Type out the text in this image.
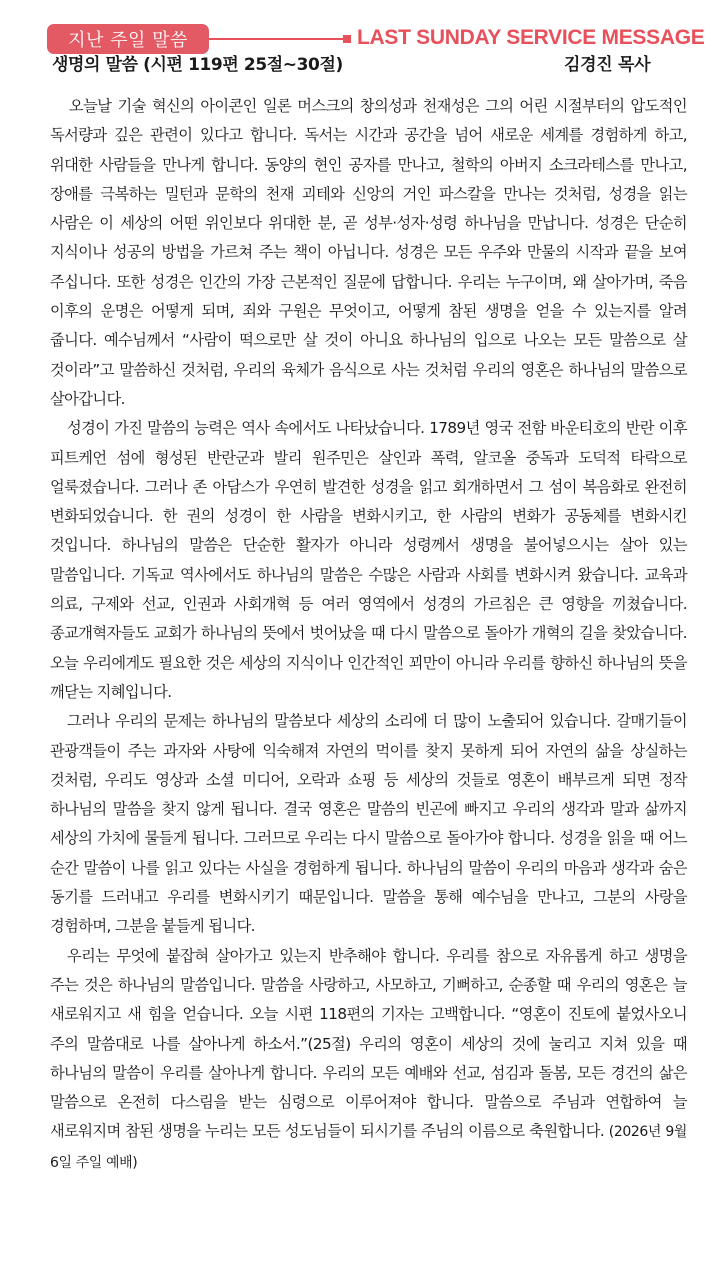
지난 주일 말씀	LAST SUNDAY SERVICE MESSAGE
생명의 말씀 (시편 119편 25절~30절)	김경진 목사

오늘날 기술 혁신의 아이콘인 일론 머스크의 창의성과 천재성은 그의 어린 시절부터의 압도적인 독서량과 깊은 관련이 있다고 합니다. 독서는 시간과 공간을 넘어 새로운 세계를 경험하게 하고, 위대한 사람들을 만나게 합니다. 동양의 현인 공자를 만나고, 철학의 아버지 소크라테스를 만나고, 장애를 극복하는 밀턴과 문학의 천재 괴테와 신앙의 거인 파스칼을 만나는 것처럼, 성경을 읽는 사람은 이 세상의 어떤 위인보다 위대한 분, 곧 성부·성자·성령 하나님을 만납니다. 성경은 단순히 지식이나 성공의 방법을 가르쳐 주는 책이 아닙니다. 성경은 모든 우주와 만물의 시작과 끝을 보여 주십니다. 또한 성경은 인간의 가장 근본적인 질문에 답합니다. 우리는 누구이며, 왜 살아가며, 죽음 이후의 운명은 어떻게 되며, 죄와 구원은 무엇이고, 어떻게 참된 생명을 얻을 수 있는지를 알려 줍니다. 예수님께서 “사람이 떡으로만 살 것이 아니요 하나님의 입으로 나오는 모든 말씀으로 살 것이라”고 말씀하신 것처럼, 우리의 육체가 음식으로 사는 것처럼 우리의 영혼은 하나님의 말씀으로 살아갑니다.

성경이 가진 말씀의 능력은 역사 속에서도 나타났습니다. 1789년 영국 전함 바운티호의 반란 이후 피트케언 섬에 형성된 반란군과 발리 원주민은 살인과 폭력, 알코올 중독과 도덕적 타락으로 얼룩졌습니다. 그러나 존 아담스가 우연히 발견한 성경을 읽고 회개하면서 그 섬이 복음화로 완전히 변화되었습니다. 한 권의 성경이 한 사람을 변화시키고, 한 사람의 변화가 공동체를 변화시킨 것입니다. 하나님의 말씀은 단순한 활자가 아니라 성령께서 생명을 불어넣으시는 살아 있는 말씀입니다. 기독교 역사에서도 하나님의 말씀은 수많은 사람과 사회를 변화시켜 왔습니다. 교육과 의료, 구제와 선교, 인권과 사회개혁 등 여러 영역에서 성경의 가르침은 큰 영향을 끼쳤습니다. 종교개혁자들도 교회가 하나님의 뜻에서 벗어났을 때 다시 말씀으로 돌아가 개혁의 길을 찾았습니다. 오늘 우리에게도 필요한 것은 세상의 지식이나 인간적인 꾀만이 아니라 우리를 향하신 하나님의 뜻을 깨닫는 지혜입니다.

그러나 우리의 문제는 하나님의 말씀보다 세상의 소리에 더 많이 노출되어 있습니다. 갈매기들이 관광객들이 주는 과자와 사탕에 익숙해져 자연의 먹이를 찾지 못하게 되어 자연의 삶을 상실하는 것처럼, 우리도 영상과 소셜 미디어, 오락과 쇼핑 등 세상의 것들로 영혼이 배부르게 되면 정작 하나님의 말씀을 찾지 않게 됩니다. 결국 영혼은 말씀의 빈곤에 빠지고 우리의 생각과 말과 삶까지 세상의 가치에 물들게 됩니다. 그러므로 우리는 다시 말씀으로 돌아가야 합니다. 성경을 읽을 때 어느 순간 말씀이 나를 읽고 있다는 사실을 경험하게 됩니다. 하나님의 말씀이 우리의 마음과 생각과 숨은 동기를 드러내고 우리를 변화시키기 때문입니다. 말씀을 통해 예수님을 만나고, 그분의 사랑을 경험하며, 그분을 붙들게 됩니다.

우리는 무엇에 붙잡혀 살아가고 있는지 반추해야 합니다. 우리를 참으로 자유롭게 하고 생명을 주는 것은 하나님의 말씀입니다. 말씀을 사랑하고, 사모하고, 기뻐하고, 순종할 때 우리의 영혼은 늘 새로워지고 새 힘을 얻습니다. 오늘 시편 118편의 기자는 고백합니다. “영혼이 진토에 붙었사오니 주의 말씀대로 나를 살아나게 하소서.”(25절) 우리의 영혼이 세상의 것에 눌리고 지쳐 있을 때 하나님의 말씀이 우리를 살아나게 합니다. 우리의 모든 예배와 선교, 섬김과 돌봄, 모든 경건의 삶은 말씀으로 온전히 다스림을 받는 심령으로 이루어져야 합니다. 말씀으로 주님과 연합하여 늘 새로워지며 참된 생명을 누리는 모든 성도님들이 되시기를 주님의 이름으로 축원합니다. (2026년 9월 6일 주일 예배)
